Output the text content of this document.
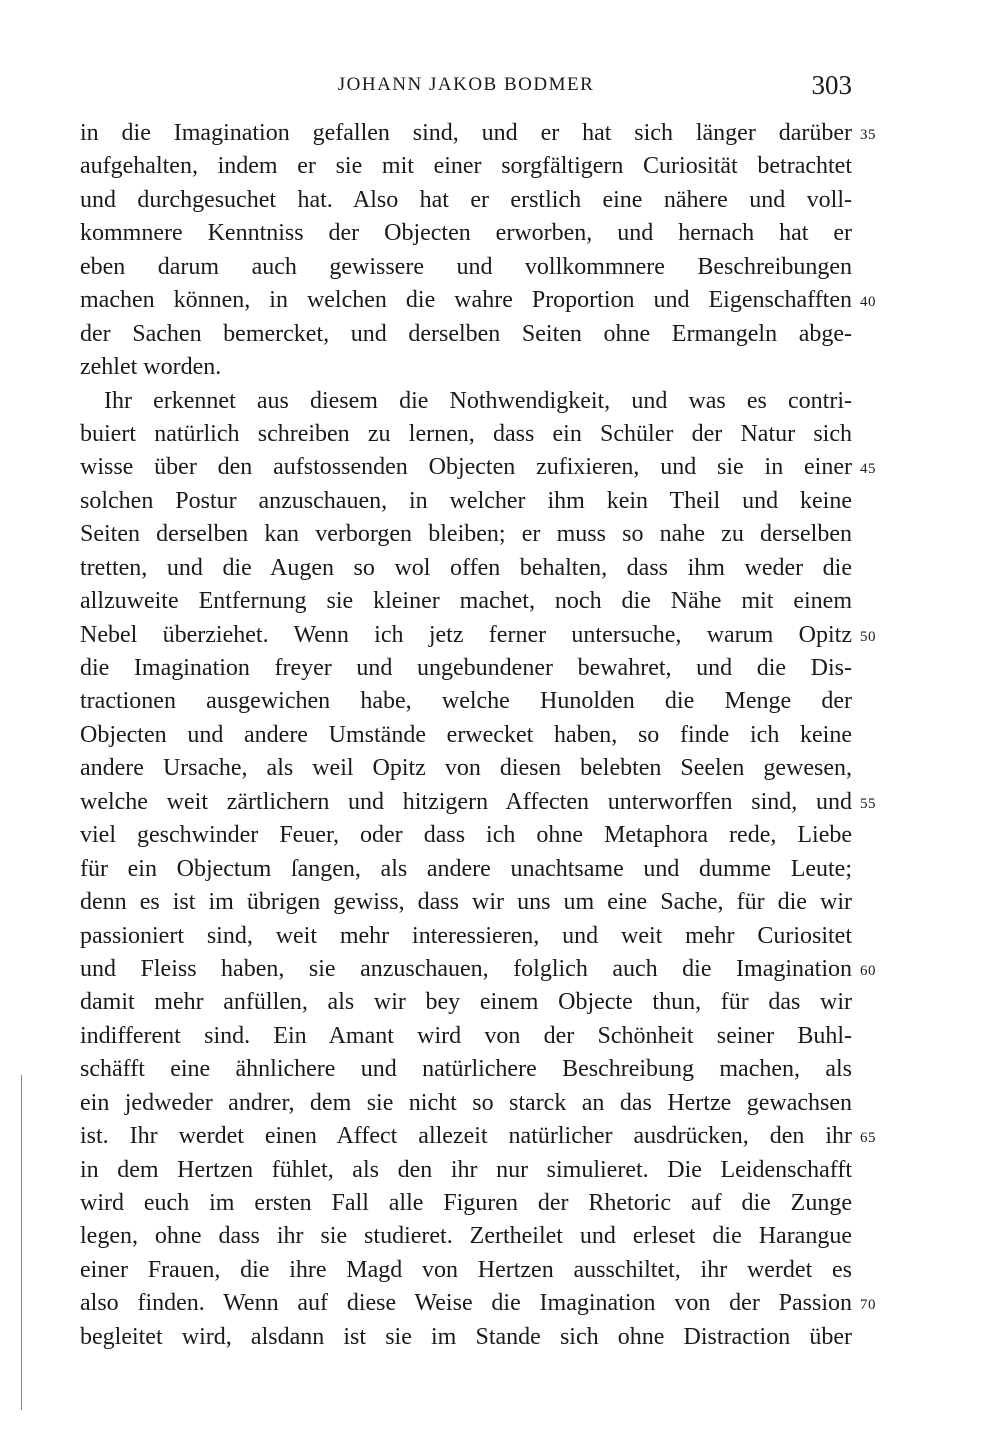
JOHANN JAKOB BODMER	303
in die Imagination gefallen sind, und er hat sich länger darüber 35
aufgehalten, indem er sie mit einer sorgfältigern Curiosität betrachtet
und durchgesuchet hat. Also hat er erstlich eine nähere und voll-
kommnere Kenntniss der Objecten erworben, und hernach hat er
eben darum auch gewissere und vollkommnere Beschreibungen
machen können, in welchen die wahre Proportion und Eigenschafften 40
der Sachen bemercket, und derselben Seiten ohne Ermangeln abge-
zehlet worden.
Ihr erkennet aus diesem die Nothwendigkeit, und was es contri-
buiert natürlich schreiben zu lernen, dass ein Schüler der Natur sich
wisse über den aufstossenden Objecten zufixieren, und sie in einer 45
solchen Postur anzuschauen, in welcher ihm kein Theil und keine
Seiten derselben kan verborgen bleiben; er muss so nahe zu derselben
tretten, und die Augen so wol offen behalten, dass ihm weder die
allzuweite Entfernung sie kleiner machet, noch die Nähe mit einem
Nebel überziehet. Wenn ich jetz ferner untersuche, warum Opitz 50
die Imagination freyer und ungebundener bewahret, und die Dis-
tractionen ausgewichen habe, welche Hunolden die Menge der
Objecten und andere Umstände erwecket haben, so finde ich keine
andere Ursache, als weil Opitz von diesen belebten Seelen gewesen,
welche weit zärtlichern und hitzigern Affecten unterworffen sind, und 55
viel geschwinder Feuer, oder dass ich ohne Metaphora rede, Liebe
für ein Objectum ſangen, als andere unachtsame und dumme Leute;
denn es ist im übrigen gewiss, dass wir uns um eine Sache, für die wir
passioniert sind, weit mehr interessieren, und weit mehr Curiositet
und Fleiss haben, sie anzuschauen, folglich auch die Imagination 60
damit mehr anfüllen, als wir bey einem Objecte thun, für das wir
indifferent sind. Ein Amant wird von der Schönheit seiner Buhl-
schäfft eine ähnlichere und natürlichere Beschreibung machen, als
ein jedweder andrer, dem sie nicht so starck an das Hertze gewachsen
ist. Ihr werdet einen Affect allezeit natürlicher ausdrücken, den ihr 65
in dem Hertzen fühlet, als den ihr nur simulieret. Die Leidenschafft
wird euch im ersten Fall alle Figuren der Rhetoric auf die Zunge
legen, ohne dass ihr sie studieret. Zertheilet und erleset die Harangue
einer Frauen, die ihre Magd von Hertzen ausschiltet, ihr werdet es
also finden. Wenn auf diese Weise die Imagination von der Passion 70
begleitet wird, alsdann ist sie im Stande sich ohne Distraction über
